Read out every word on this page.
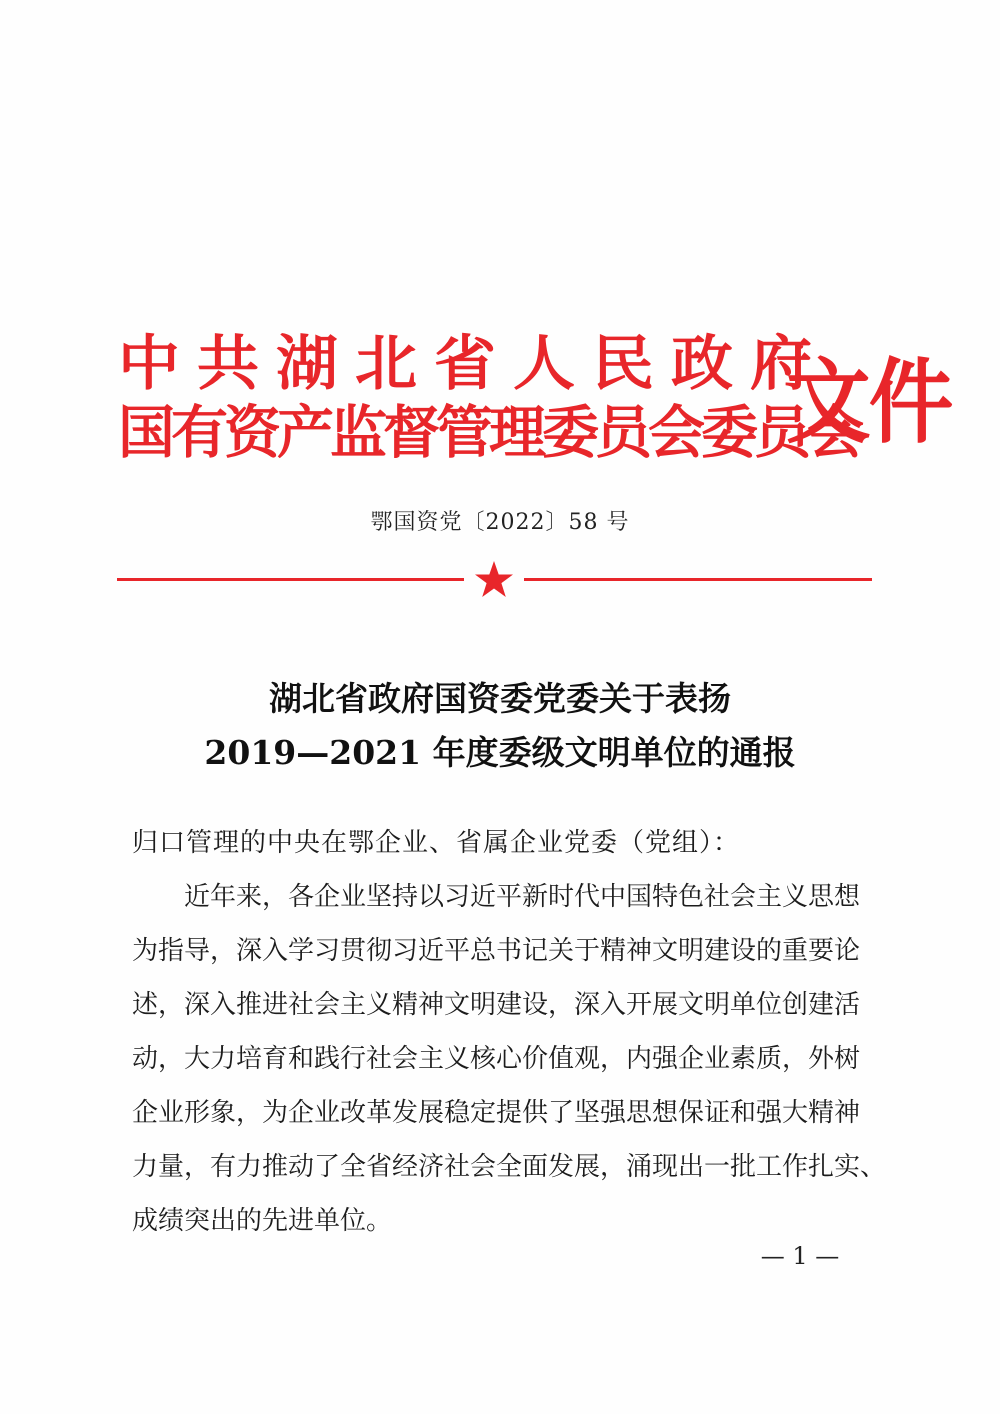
中共湖北省人民政府
国有资产监督管理委员会委员会
文件
鄂国资党〔2022〕58 号
湖北省政府国资委党委关于表扬
2019—2021 年度委级文明单位的通报
归口管理的中央在鄂企业、省属企业党委（党组）：
近年来，各企业坚持以习近平新时代中国特色社会主义思想
为指导，深入学习贯彻习近平总书记关于精神文明建设的重要论
述，深入推进社会主义精神文明建设，深入开展文明单位创建活
动，大力培育和践行社会主义核心价值观，内强企业素质，外树
企业形象，为企业改革发展稳定提供了坚强思想保证和强大精神
力量，有力推动了全省经济社会全面发展，涌现出一批工作扎实、
成绩突出的先进单位。
— 1 —
